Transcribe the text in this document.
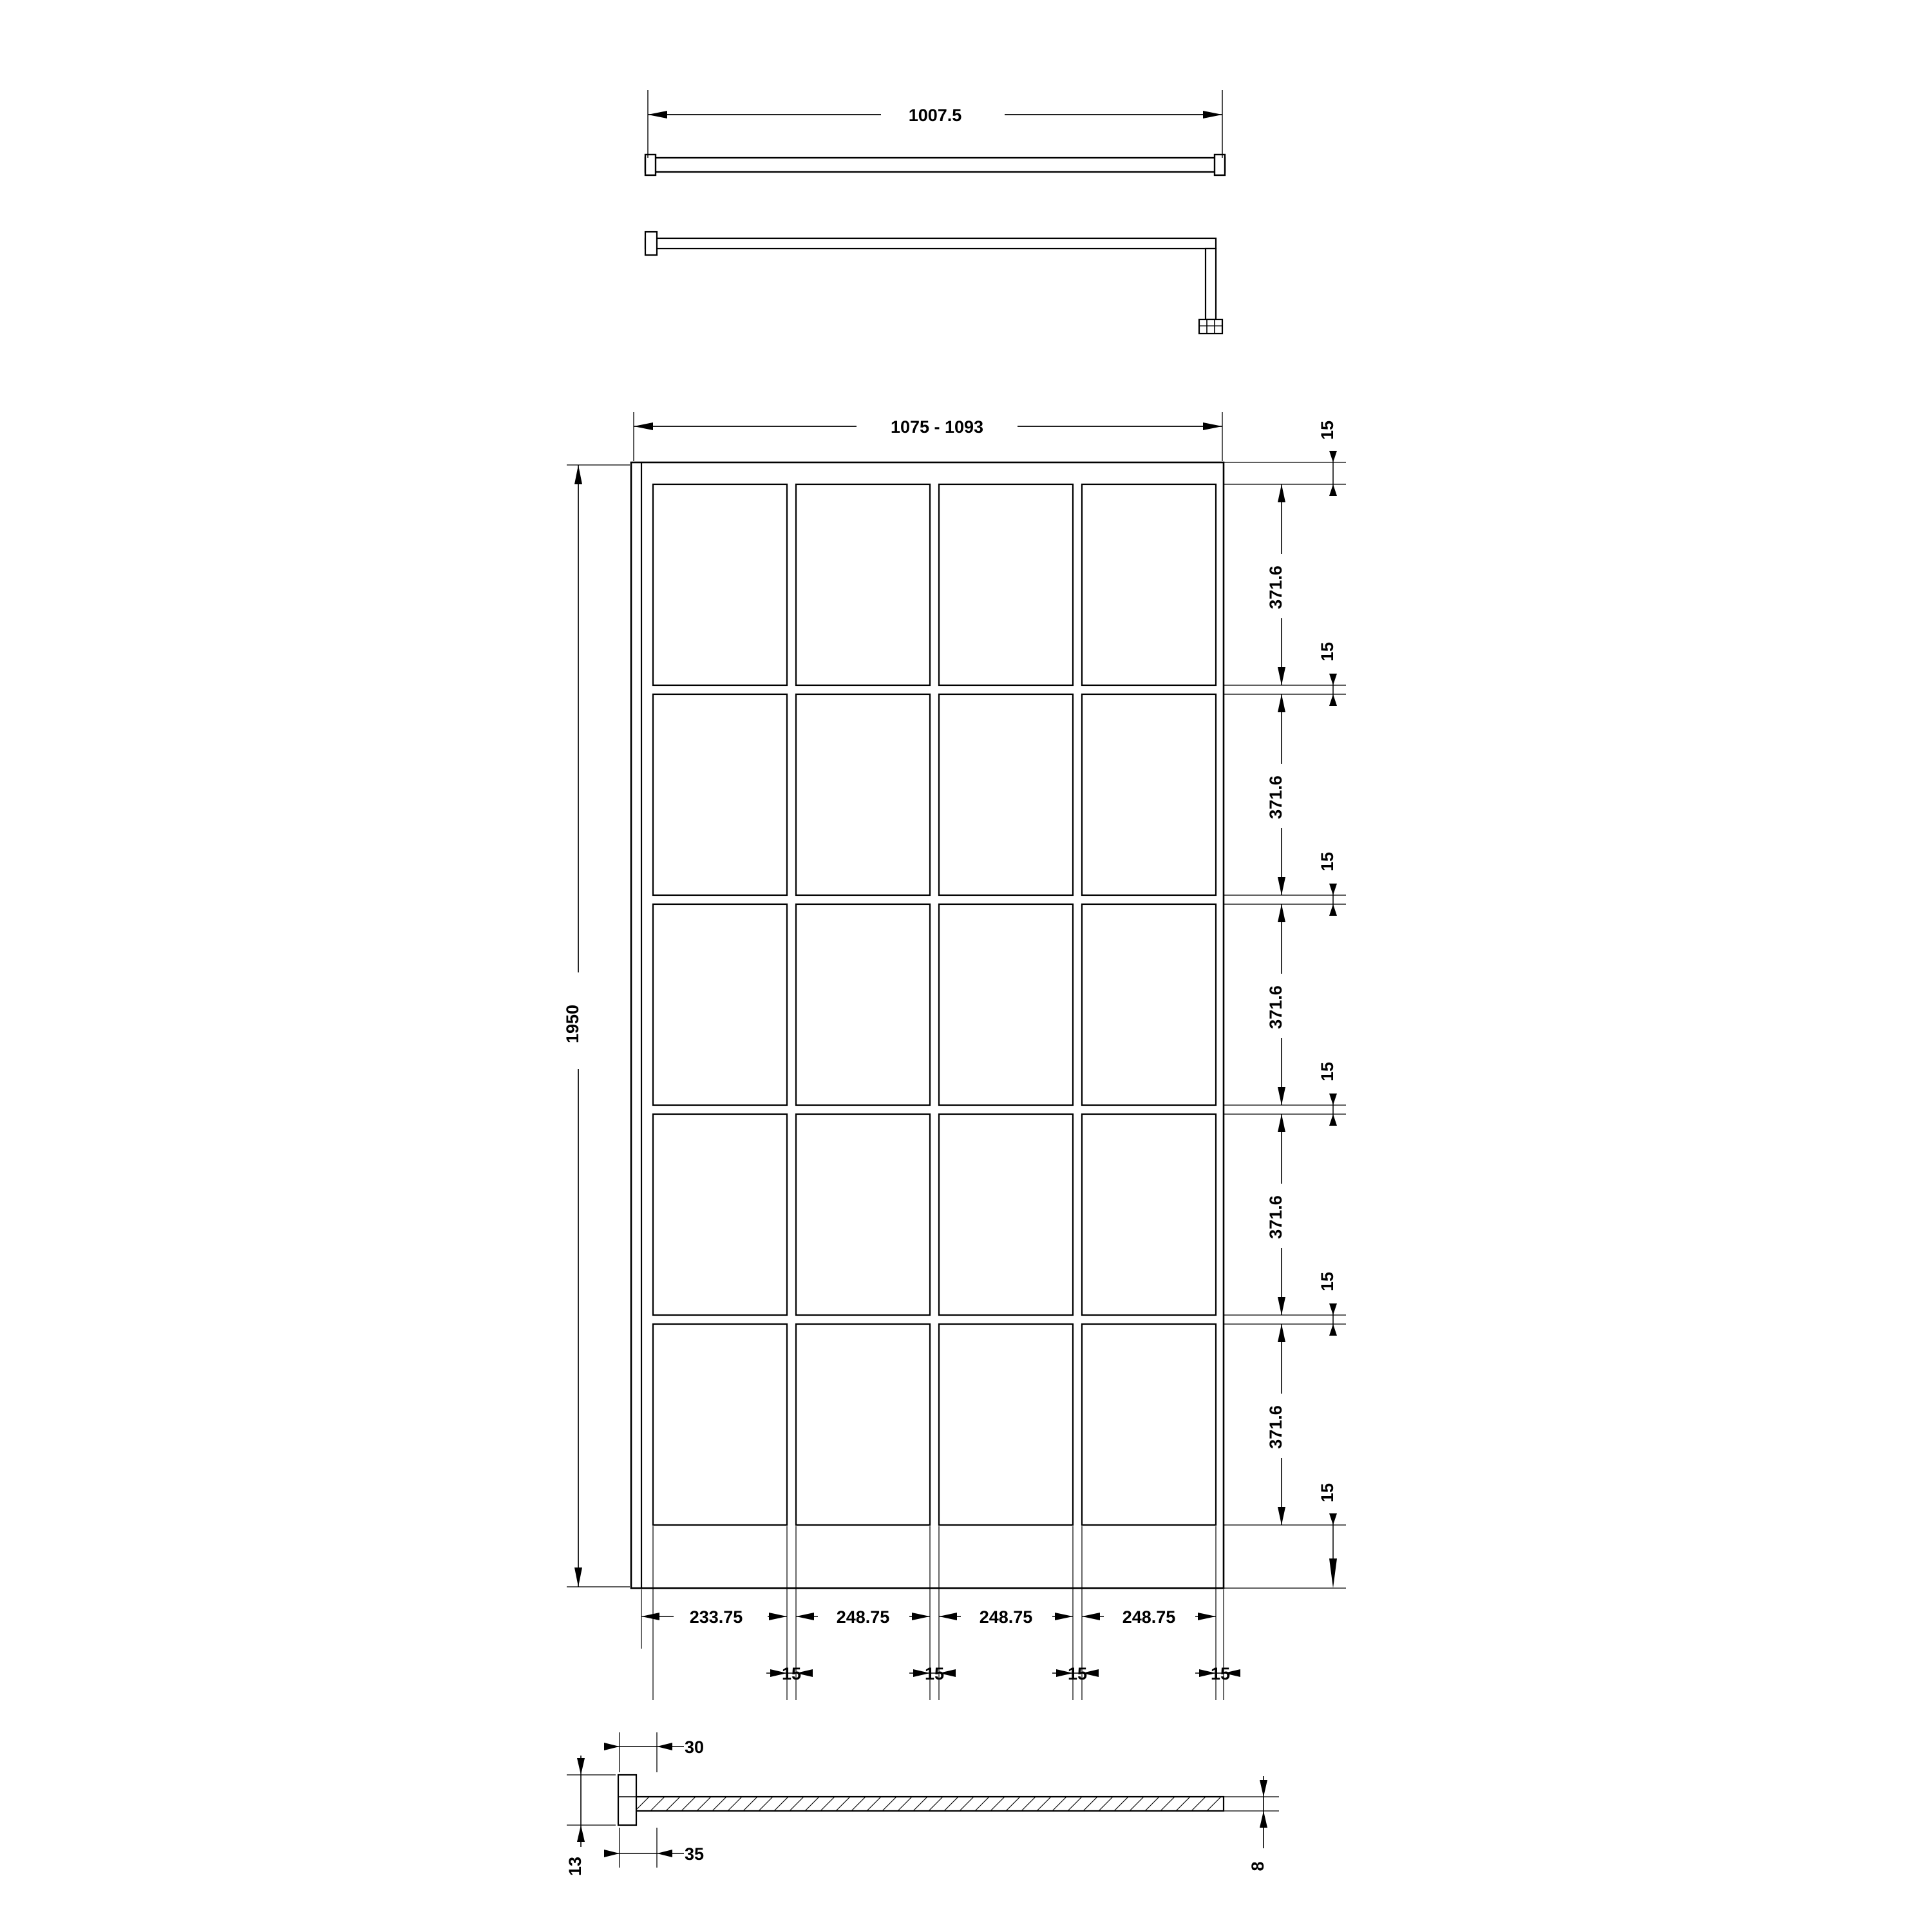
1007.5
1075 - 1093
1950
371.6
371.6
371.6
371.6
371.6
15
15
15
15
15
15
233.75	248.75	248.75	248.75
15	15	15	15
30
35
13	8
